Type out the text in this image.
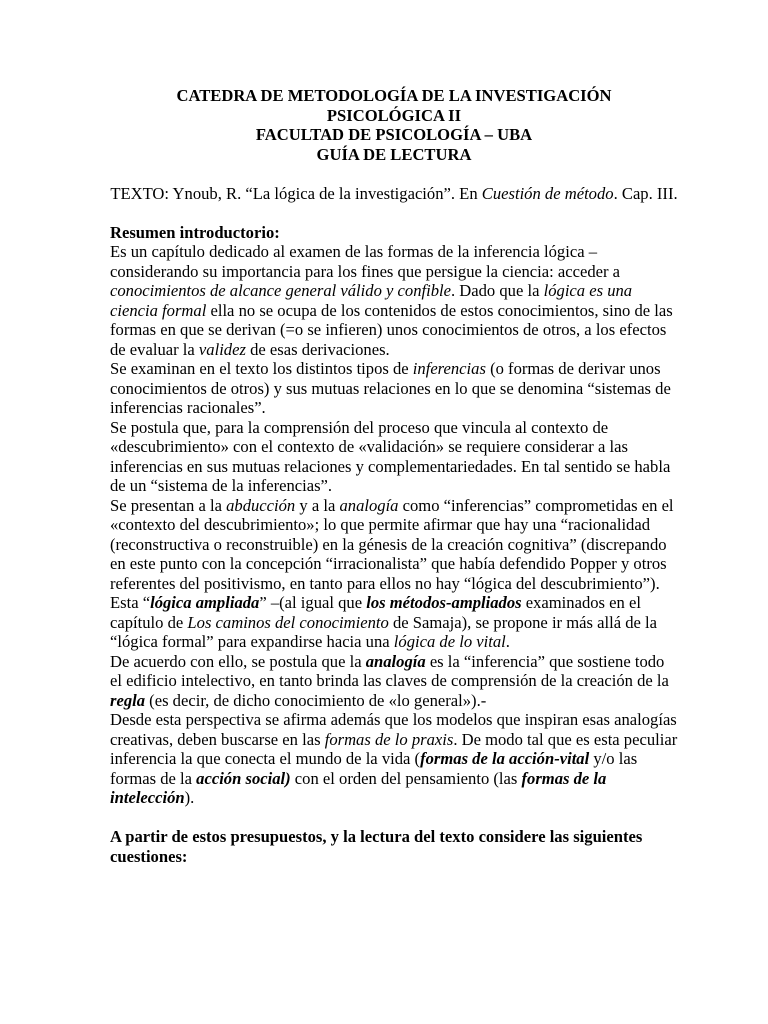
CATEDRA DE METODOLOGÍA DE LA INVESTIGACIÓN
PSICOLÓGICA II
FACULTAD DE PSICOLOGÍA – UBA
GUÍA DE LECTURA
TEXTO: Ynoub, R. “La lógica de la investigación”. En Cuestión de método. Cap. III.

Resumen introductorio:

Es un capítulo dedicado al examen de las formas de la inferencia lógica – considerando su importancia para los fines que persigue la ciencia: acceder a conocimientos de alcance general válido y confible. Dado que la lógica es una ciencia formal ella no se ocupa de los contenidos de estos conocimientos, sino de las formas en que se derivan (=o se infieren) unos conocimientos de otros, a los efectos de evaluar la validez de esas derivaciones.

Se examinan en el texto los distintos tipos de inferencias (o formas de derivar unos conocimientos de otros) y sus mutuas relaciones en lo que se denomina “sistemas de inferencias racionales”.

Se postula que, para la comprensión del proceso que vincula al contexto de «descubrimiento» con el contexto de «validación» se requiere considerar a las inferencias en sus mutuas relaciones y complementariedades. En tal sentido se habla de un “sistema de la inferencias”.

Se presentan a la abducción y a la analogía como “inferencias” comprometidas en el «contexto del descubrimiento»; lo que permite afirmar que hay una “racionalidad (reconstructiva o reconstruible) en la génesis de la creación cognitiva” (discrepando en este punto con la concepción “irracionalista” que había defendido Popper y otros referentes del positivismo, en tanto para ellos no hay “lógica del descubrimiento”).

Esta “lógica ampliada” –(al igual que los métodos-ampliados examinados en el capítulo de Los caminos del conocimiento de Samaja), se propone ir más allá de la “lógica formal” para expandirse hacia una lógica de lo vital.

De acuerdo con ello, se postula que la analogía es la “inferencia” que sostiene todo el edificio intelectivo, en tanto brinda las claves de comprensión de la creación de la regla (es decir, de dicho conocimiento de «lo general»).-

Desde esta perspectiva se afirma además que los modelos que inspiran esas analogías creativas, deben buscarse en las formas de lo praxis. De modo tal que es esta peculiar inferencia la que conecta el mundo de la vida (formas de la acción-vital y/o las formas de la acción social) con el orden del pensamiento (las formas de la intelección).

A partir de estos presupuestos, y la lectura del texto considere las siguientes cuestiones:
